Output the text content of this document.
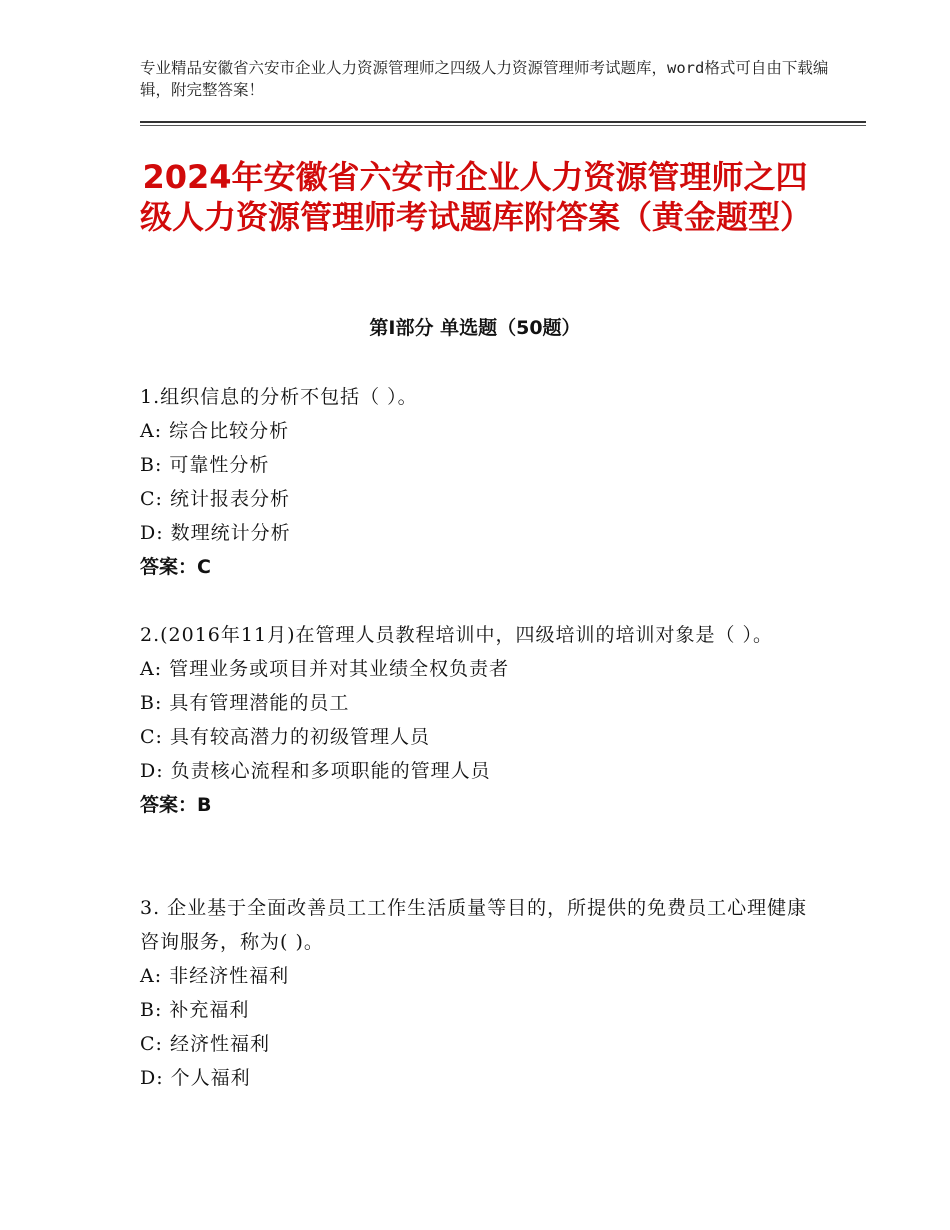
专业精品安徽省六安市企业人力资源管理师之四级人力资源管理师考试题库，word格式可自由下载编辑，附完整答案！
2024年安徽省六安市企业人力资源管理师之四级人力资源管理师考试题库附答案（黄金题型）
第Ⅰ部分 单选题（50题）
1.组织信息的分析不包括（ ）。
A: 综合比较分析
B: 可靠性分析
C: 统计报表分析
D: 数理统计分析
答案：C
2.(2016年11月)在管理人员教程培训中，四级培训的培训对象是（ ）。
A: 管理业务或项目并对其业绩全权负责者
B: 具有管理潜能的员工
C: 具有较高潜力的初级管理人员
D: 负责核心流程和多项职能的管理人员
答案：B
3. 企业基于全面改善员工工作生活质量等目的，所提供的免费员工心理健康咨询服务，称为( )。
A: 非经济性福利
B: 补充福利
C: 经济性福利
D: 个人福利
